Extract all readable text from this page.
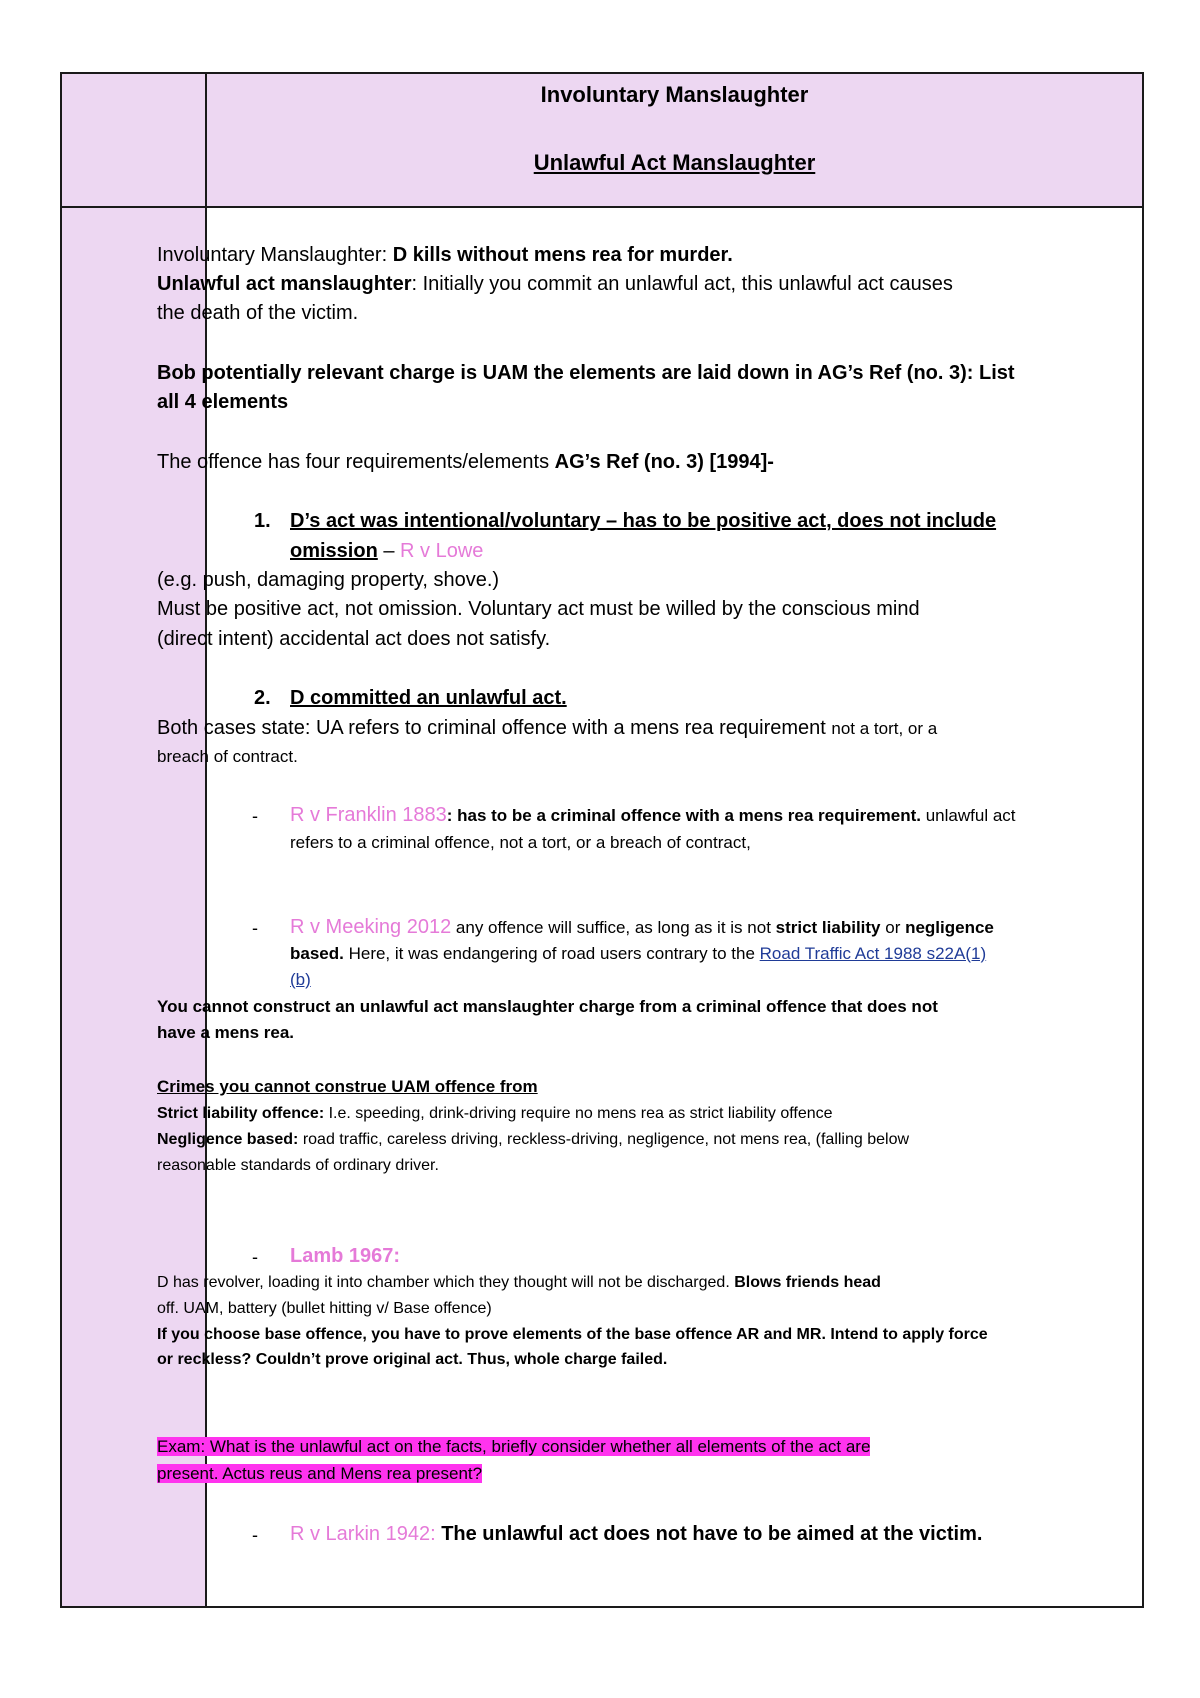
Involuntary Manslaughter
Unlawful Act Manslaughter
Involuntary Manslaughter: D kills without mens rea for murder.
Unlawful act manslaughter: Initially you commit an unlawful act, this unlawful act causes
the death of the victim.
Bob potentially relevant charge is UAM the elements are laid down in AG’s Ref (no. 3): List
all 4 elements
The offence has four requirements/elements AG’s Ref (no. 3) [1994]-
1. D’s act was intentional/voluntary – has to be positive act, does not include
omission – R v Lowe
(e.g. push, damaging property, shove.)
Must be positive act, not omission. Voluntary act must be willed by the conscious mind
(direct intent) accidental act does not satisfy.
2. D committed an unlawful act.
Both cases state: UA refers to criminal offence with a mens rea requirement not a tort, or a
breach of contract.
- R v Franklin 1883: has to be a criminal offence with a mens rea requirement. unlawful act
refers to a criminal offence, not a tort, or a breach of contract,
- R v Meeking 2012 any offence will suffice, as long as it is not strict liability or negligence
based. Here, it was endangering of road users contrary to the Road Traffic Act 1988 s22A(1)
(b)
You cannot construct an unlawful act manslaughter charge from a criminal offence that does not
have a mens rea.
Crimes you cannot construe UAM offence from
Strict liability offence: I.e. speeding, drink-driving require no mens rea as strict liability offence
Negligence based: road traffic, careless driving, reckless-driving, negligence, not mens rea, (falling below
reasonable standards of ordinary driver.
- Lamb 1967:
D has revolver, loading it into chamber which they thought will not be discharged. Blows friends head
off. UAM, battery (bullet hitting v/ Base offence)
If you choose base offence, you have to prove elements of the base offence AR and MR. Intend to apply force
or reckless? Couldn’t prove original act. Thus, whole charge failed.
Exam: What is the unlawful act on the facts, briefly consider whether all elements of the act are
present. Actus reus and Mens rea present?
- R v Larkin 1942: The unlawful act does not have to be aimed at the victim.
